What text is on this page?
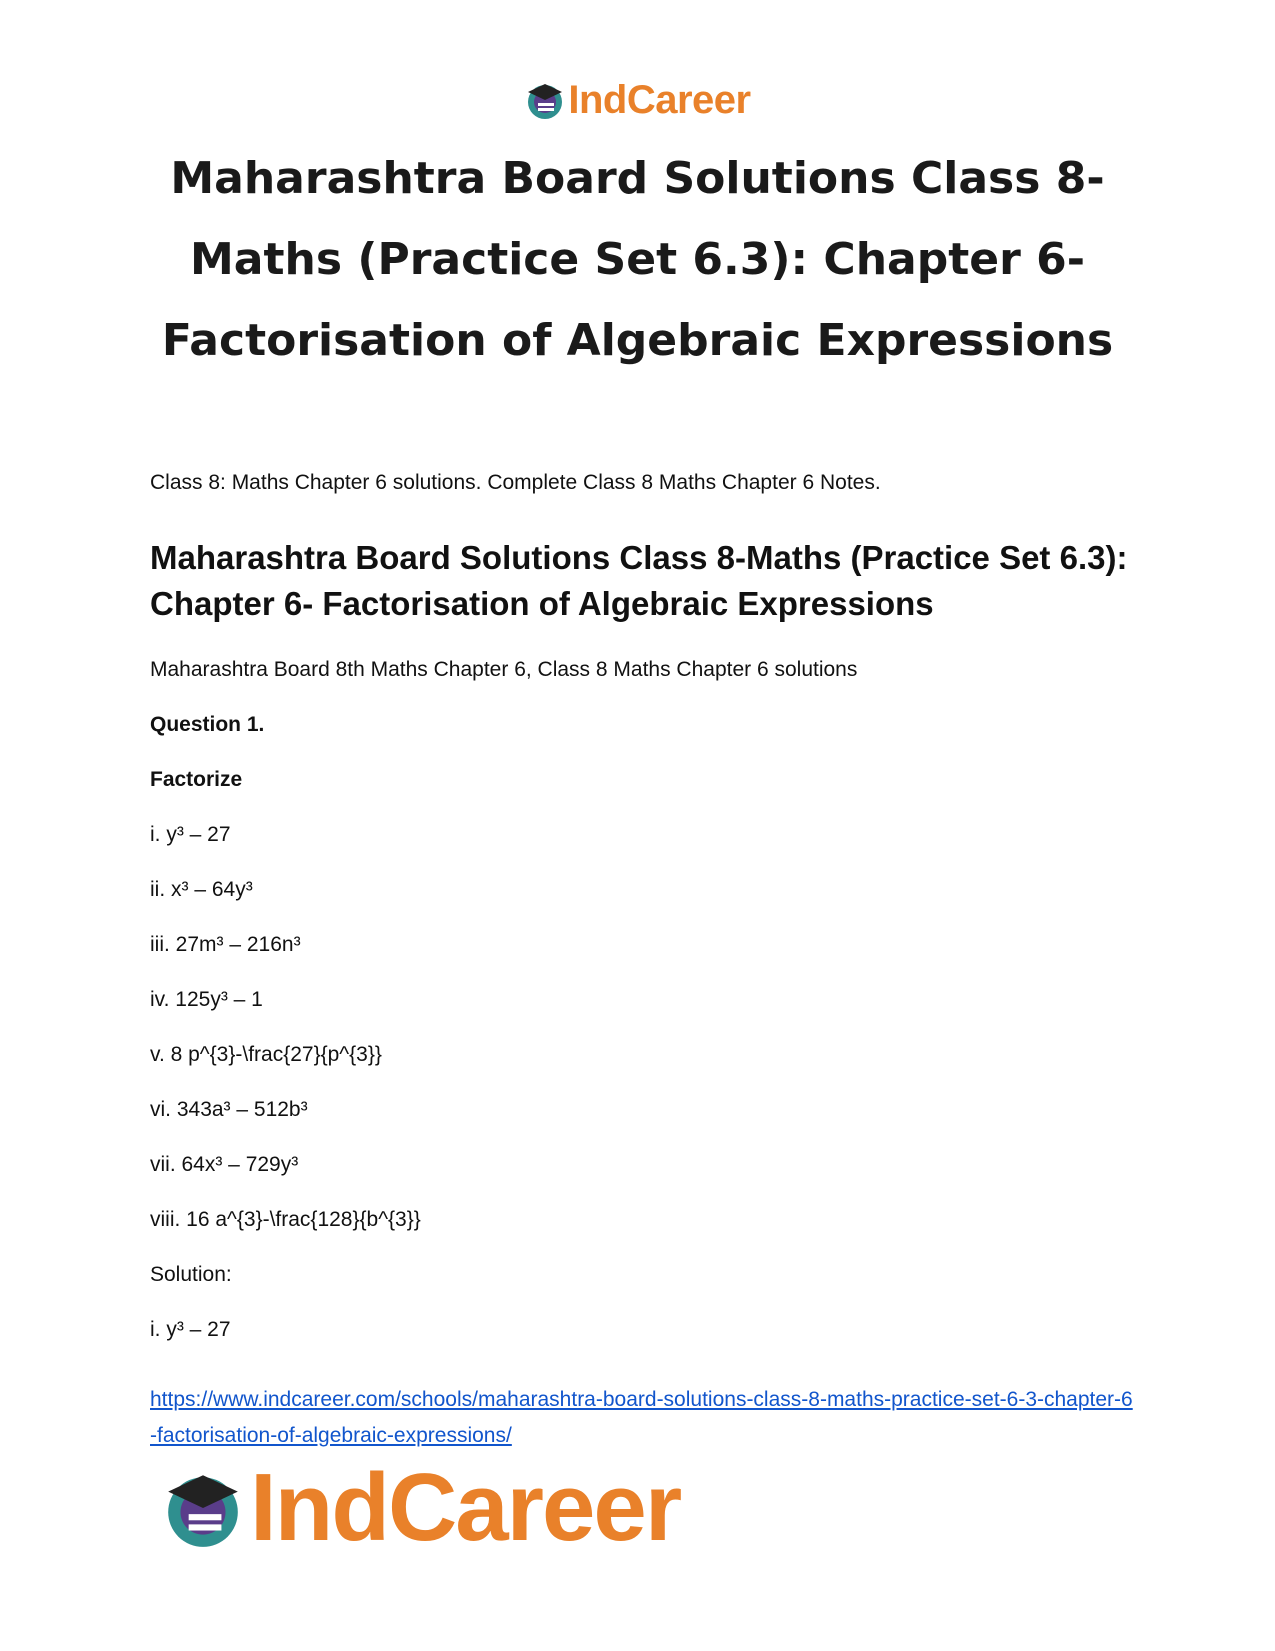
IndCareer
Maharashtra Board Solutions Class 8-Maths (Practice Set 6.3): Chapter 6- Factorisation of Algebraic Expressions
Class 8: Maths Chapter 6 solutions. Complete Class 8 Maths Chapter 6 Notes.
Maharashtra Board Solutions Class 8-Maths (Practice Set 6.3): Chapter 6- Factorisation of Algebraic Expressions
Maharashtra Board 8th Maths Chapter 6, Class 8 Maths Chapter 6 solutions
Question 1.
Factorize
i. y³ – 27
ii. x³ – 64y³
iii. 27m³ – 216n³
iv. 125y³ – 1
v. 8 p^{3}-\frac{27}{p^{3}}
vi. 343a³ – 512b³
vii. 64x³ – 729y³
viii. 16 a^{3}-\frac{128}{b^{3}}
Solution:
i. y³ – 27
https://www.indcareer.com/schools/maharashtra-board-solutions-class-8-maths-practice-set-6-3-chapter-6-factorisation-of-algebraic-expressions/
IndCareer
